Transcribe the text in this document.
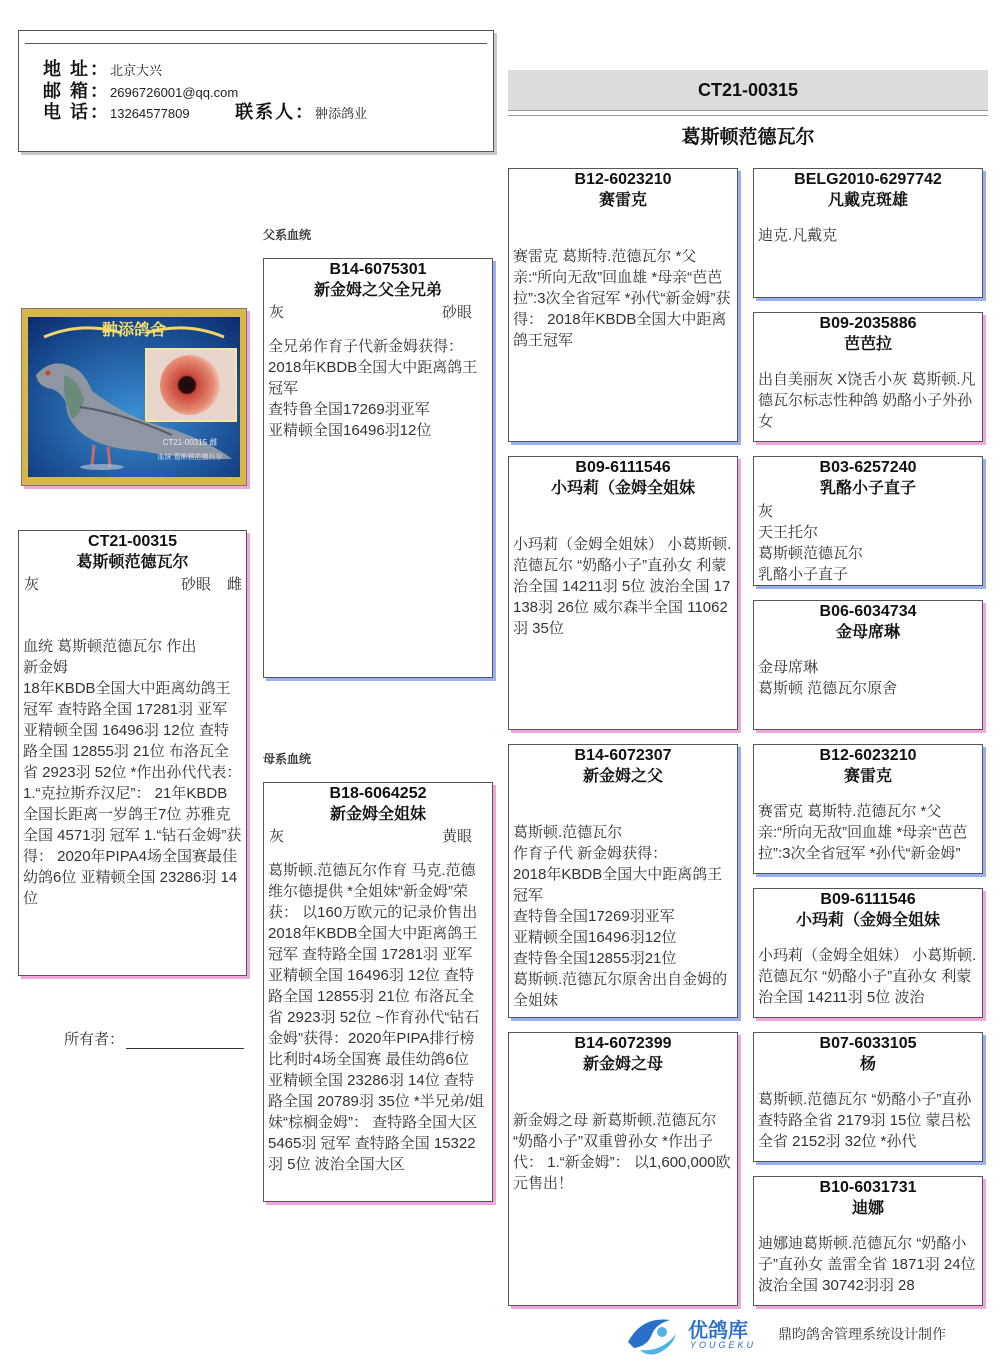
地 址：北京大兴
邮 箱：2696726001@qq.com
电 话：13264577809	联系人：翀添鸽业
CT21-00315
葛斯顿范德瓦尔
父系血统
母系血统
翀添鸽舍
CT21-00315 雌
血统 葛斯顿范德瓦尔
CT21-00315
葛斯顿范德瓦尔
灰	砂眼 雌
血统 葛斯顿范德瓦尔 作出
新金姆
18年KBDB全国大中距离幼鸽王冠军 查特路全国 17281羽 亚军 亚精顿全国 16496羽 12位 查特路全国 12855羽 21位 布洛瓦全省 2923羽 52位 *作出孙代代表： 1.“克拉斯乔汉尼”： 21年KBDB全国长距离一岁鸽王7位 苏雅克全国 4571羽 冠军 1.“钻石金姆”获得： 2020年PIPA4场全国赛最佳幼鸽6位 亚精顿全国 23286羽 14位
所有者：
B14-6075301
新金姆之父全兄弟
灰	砂眼
全兄弟作育子代新金姆获得：
2018年KBDB全国大中距离鸽王冠军
查特鲁全国17269羽亚军
亚精顿全国16496羽12位
B18-6064252
新金姆全姐妹
灰	黄眼
葛斯顿.范德瓦尔作育 马克.范德维尔德提供 *全姐妹“新金姆”荣获： 以160万欧元的记录价售出 2018年KBDB全国大中距离鸽王冠军 查特路全国 17281羽 亚军 亚精顿全国 16496羽 12位 查特路全国 12855羽 21位 布洛瓦全省 2923羽 52位 ~作育孙代“钻石金姆”获得：2020年PIPA排行榜比利时4场全国赛 最佳幼鸽6位 亚精顿全国 23286羽 14位 查特路全国 20789羽 35位 *半兄弟/姐妹“棕榈金姆”： 查特路全国大区 5465羽 冠军 查特路全国 15322羽 5位 波治全国大区
B12-6023210
赛雷克
赛雷克 葛斯特.范德瓦尔 *父亲:“所向无敌”回血雄 *母亲“芭芭拉”:3次全省冠军 *孙代“新金姆”获得： 2018年KBDB全国大中距离鸽王冠军
B09-6111546
小玛莉（金姆全姐妹
小玛莉（金姆全姐妹） 小葛斯顿.范德瓦尔 “奶酪小子”直孙女 利蒙治全国 14211羽 5位 波治全国 17138羽 26位 威尔森半全国 11062羽 35位
B14-6072307
新金姆之父
葛斯顿.范德瓦尔
作育子代 新金姆获得：
2018年KBDB全国大中距离鸽王冠军
查特鲁全国17269羽亚军
亚精顿全国16496羽12位
查特鲁全国12855羽21位
葛斯顿.范德瓦尔原舍出自金姆的全姐妹
B14-6072399
新金姆之母
新金姆之母 新葛斯顿.范德瓦尔 “奶酪小子”双重曾孙女 *作出子代： 1.“新金姆”： 以1,600,000欧元售出！
BELG2010-6297742
凡戴克斑雄
迪克.凡戴克
B09-2035886
芭芭拉
出自美丽灰 X饶舌小灰 葛斯顿.凡德瓦尔标志性种鸽 奶酪小子外孙女
B03-6257240
乳酪小子直子
灰
天王托尔
葛斯顿范德瓦尔
乳酪小子直子
B06-6034734
金母席琳
金母席琳
葛斯顿 范德瓦尔原舍
B12-6023210
赛雷克
赛雷克 葛斯特.范德瓦尔 *父亲:“所向无敌”回血雄 *母亲“芭芭拉”:3次全省冠军 *孙代“新金姆”
B09-6111546
小玛莉（金姆全姐妹
小玛莉（金姆全姐妹） 小葛斯顿.范德瓦尔 “奶酪小子”直孙女 利蒙治全国 14211羽 5位 波治
B07-6033105
杨
葛斯顿.范德瓦尔 “奶酪小子”直孙 查特路全省 2179羽 15位 蒙吕松全省 2152羽 32位 *孙代
B10-6031731
迪娜
迪娜迪葛斯顿.范德瓦尔 “奶酪小子”直孙女 盖雷全省 1871羽 24位 波治全国 30742羽羽 28
优鸽库
YOUGEKU
鼎昀鸽舍管理系统设计制作
